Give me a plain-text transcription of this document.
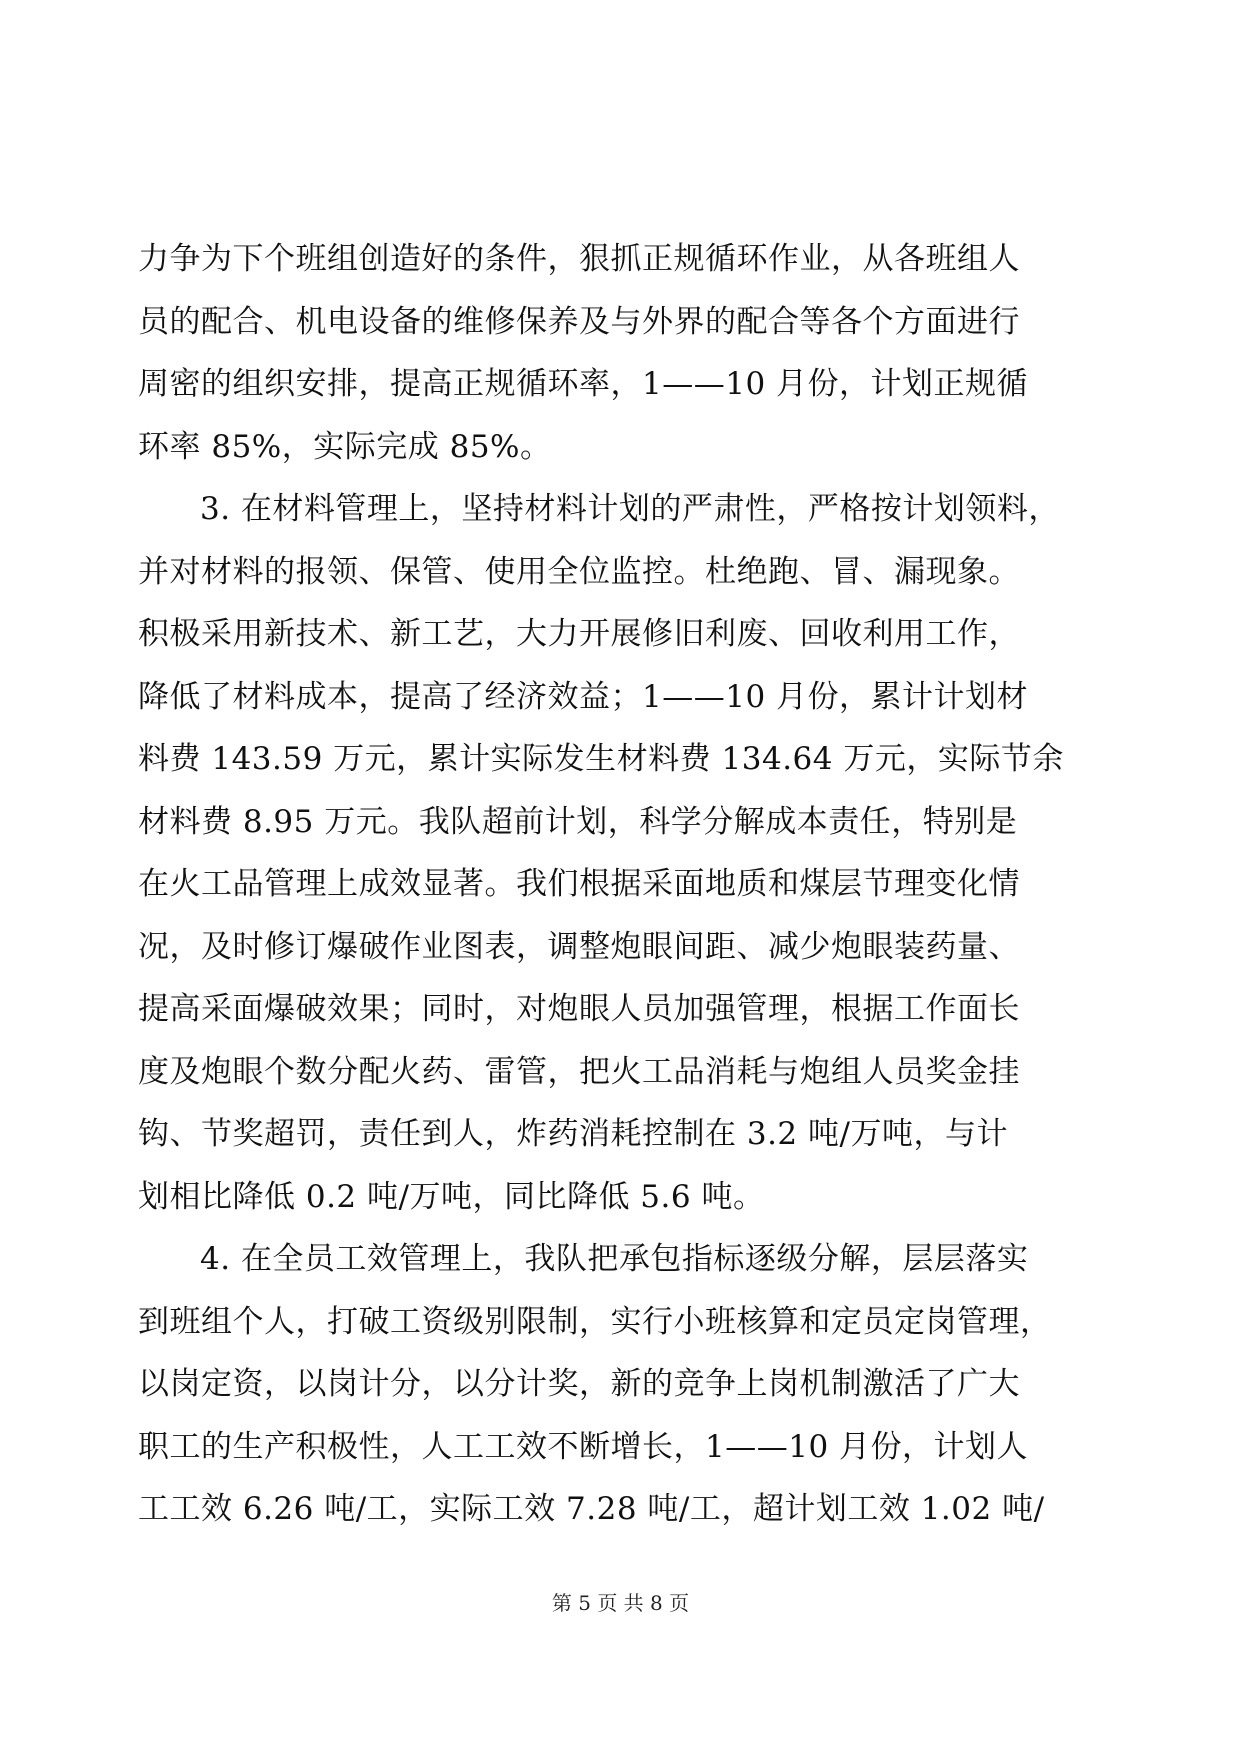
力争为下个班组创造好的条件，狠抓正规循环作业，从各班组人
员的配合、机电设备的维修保养及与外界的配合等各个方面进行
周密的组织安排，提高正规循环率，1——10 月份，计划正规循
环率 85%，实际完成 85%。
3. 在材料管理上，坚持材料计划的严肃性，严格按计划领料，
并对材料的报领、保管、使用全位监控。杜绝跑、冒、漏现象。
积极采用新技术、新工艺，大力开展修旧利废、回收利用工作，
降低了材料成本，提高了经济效益；1——10 月份，累计计划材
料费 143.59 万元，累计实际发生材料费 134.64 万元，实际节余
材料费 8.95 万元。我队超前计划，科学分解成本责任，特别是
在火工品管理上成效显著。我们根据采面地质和煤层节理变化情
况，及时修订爆破作业图表，调整炮眼间距、减少炮眼装药量、
提高采面爆破效果；同时，对炮眼人员加强管理，根据工作面长
度及炮眼个数分配火药、雷管，把火工品消耗与炮组人员奖金挂
钩、节奖超罚，责任到人，炸药消耗控制在 3.2 吨/万吨，与计
划相比降低 0.2 吨/万吨，同比降低 5.6 吨。
4. 在全员工效管理上，我队把承包指标逐级分解，层层落实
到班组个人，打破工资级别限制，实行小班核算和定员定岗管理，
以岗定资，以岗计分，以分计奖，新的竞争上岗机制激活了广大
职工的生产积极性，人工工效不断增长，1——10 月份，计划人
工工效 6.26 吨/工，实际工效 7.28 吨/工，超计划工效 1.02 吨/
第 5 页 共 8 页
